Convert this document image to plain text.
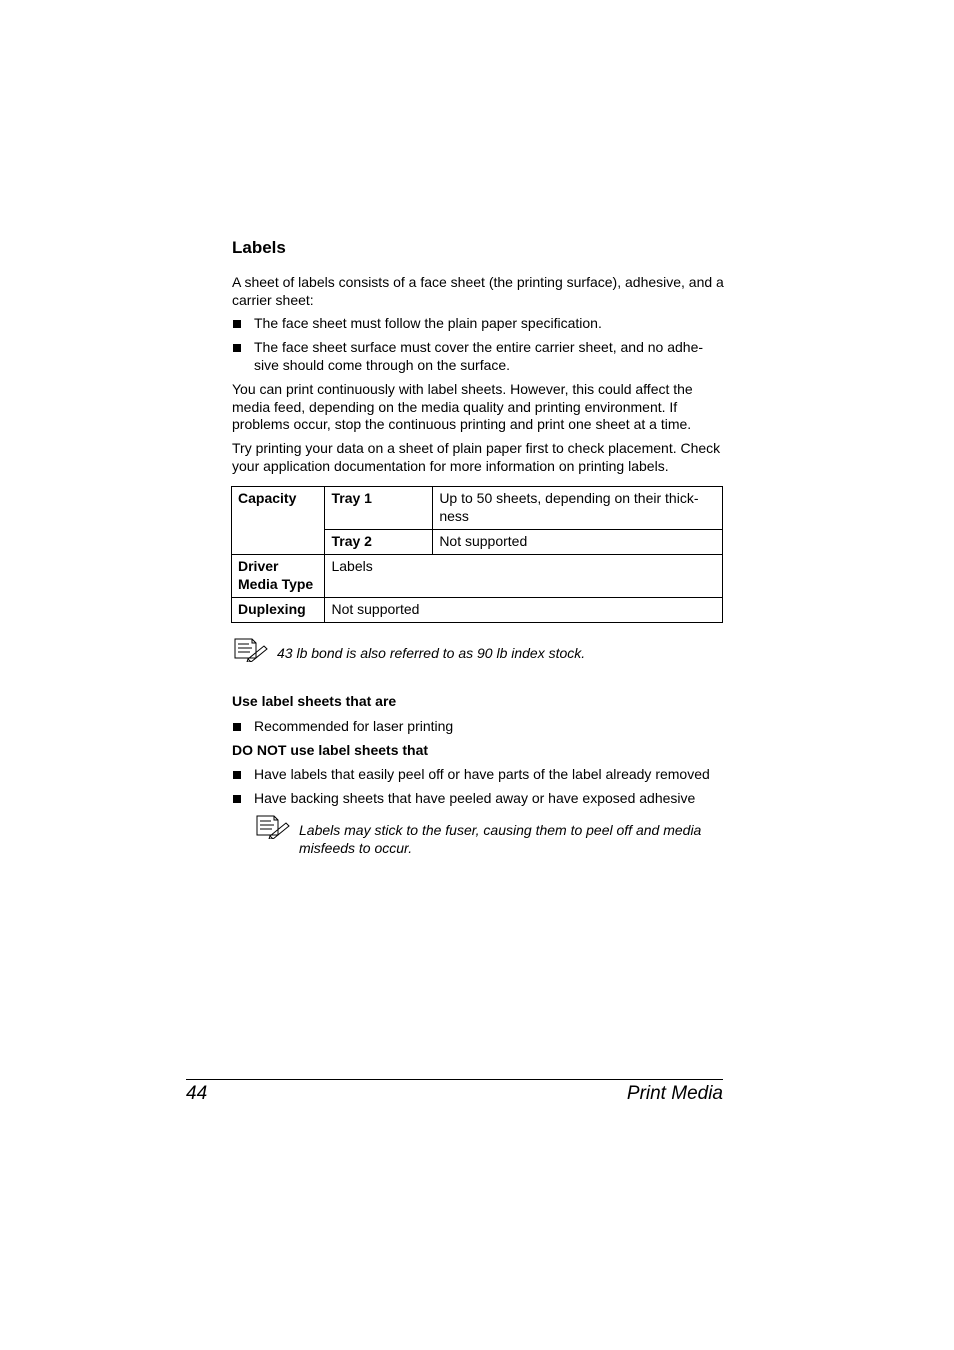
Labels
A sheet of labels consists of a face sheet (the printing surface), adhesive, and a carrier sheet:
The face sheet must follow the plain paper specification.
The face sheet surface must cover the entire carrier sheet, and no adhe-sive should come through on the surface.
You can print continuously with label sheets. However, this could affect the media feed, depending on the media quality and printing environment. If problems occur, stop the continuous printing and print one sheet at a time.
Try printing your data on a sheet of plain paper first to check placement. Check your application documentation for more information on printing labels.
Capacity	Tray 1	Up to 50 sheets, depending on their thick-ness
	Tray 2	Not supported
Driver Media Type	Labels	
Duplexing	Not supported	
43 lb bond is also referred to as 90 lb index stock.
Use label sheets that are
Recommended for laser printing
DO NOT use label sheets that
Have labels that easily peel off or have parts of the label already removed
Have backing sheets that have peeled away or have exposed adhesive
Labels may stick to the fuser, causing them to peel off and media misfeeds to occur.
44	Print Media
